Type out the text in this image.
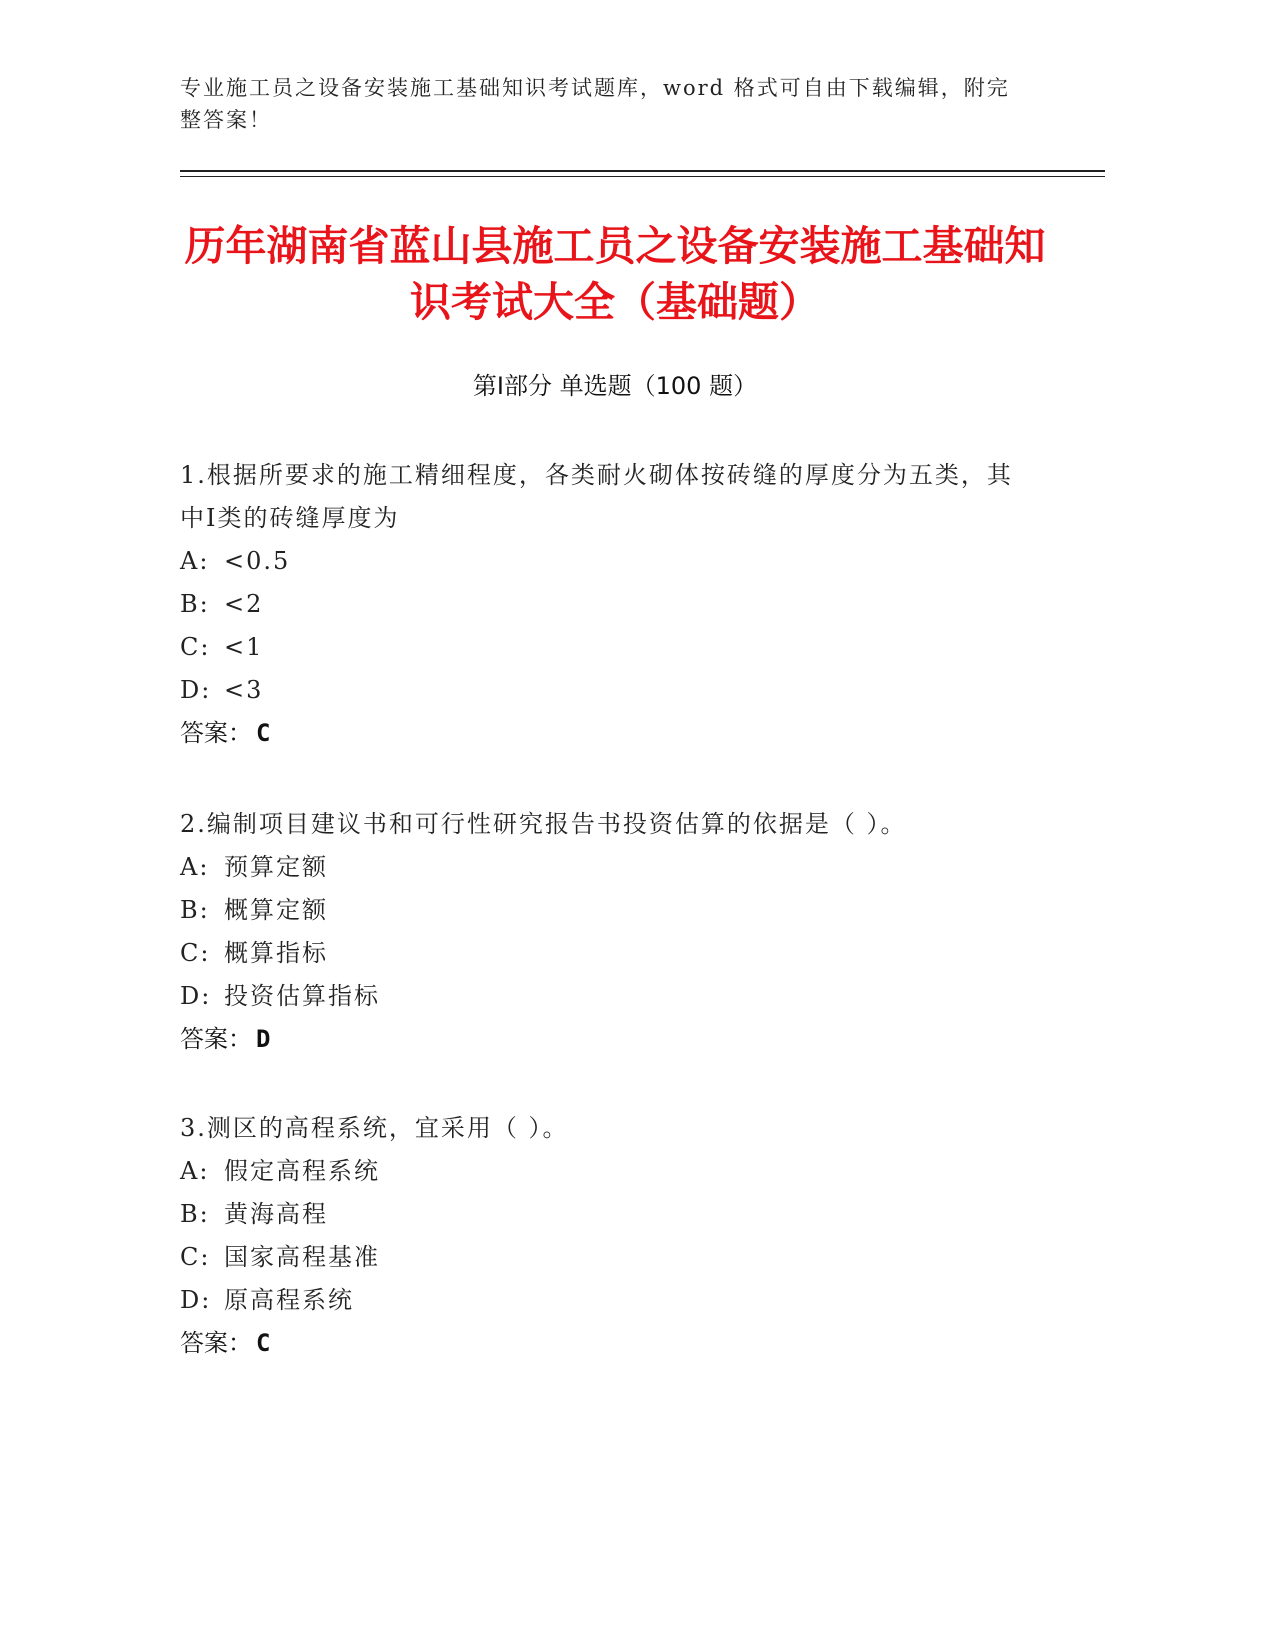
专业施工员之设备安装施工基础知识考试题库，word 格式可自由下载编辑，附完整答案！
历年湖南省蓝山县施工员之设备安装施工基础知识考试大全（基础题）
第Ⅰ部分 单选题（100 题）
1.根据所要求的施工精细程度，各类耐火砌体按砖缝的厚度分为五类，其中Ⅰ类的砖缝厚度为
A: <0.5
B: <2
C: <1
D: <3
答案： C
2.编制项目建议书和可行性研究报告书投资估算的依据是（ ）。
A: 预算定额
B: 概算定额
C: 概算指标
D: 投资估算指标
答案： D
3.测区的高程系统，宜采用（ ）。
A: 假定高程系统
B: 黄海高程
C: 国家高程基准
D: 原高程系统
答案： C
